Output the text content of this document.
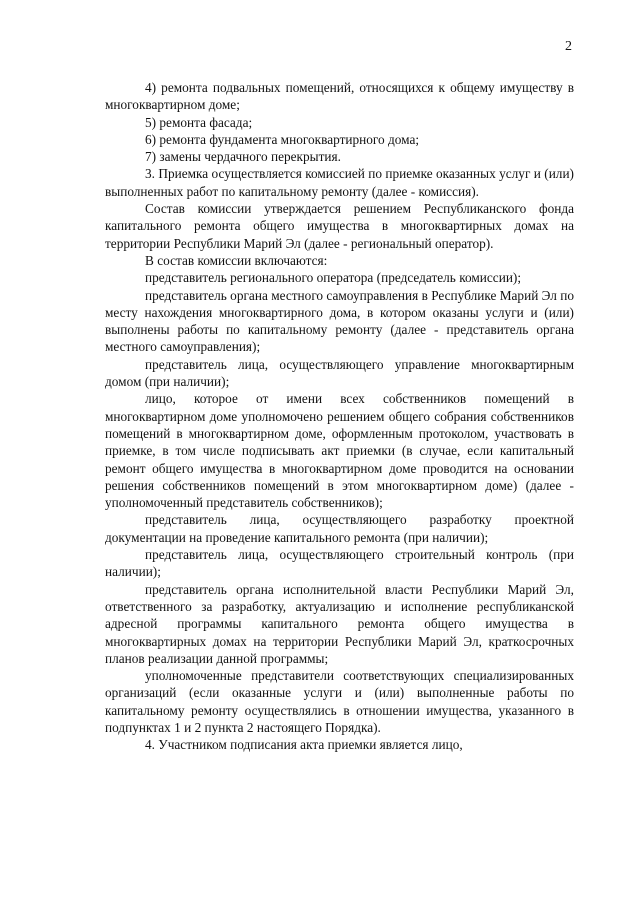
2

4) ремонта подвальных помещений, относящихся к общему имуществу в многоквартирном доме;

5) ремонта фасада;

6) ремонта фундамента многоквартирного дома;

7) замены чердачного перекрытия.

3. Приемка осуществляется комиссией по приемке оказанных услуг и (или) выполненных работ по капитальному ремонту (далее - комиссия).

Состав комиссии утверждается решением Республиканского фонда капитального ремонта общего имущества в многоквартирных домах на территории Республики Марий Эл (далее - региональный оператор).

В состав комиссии включаются:

представитель регионального оператора (председатель комиссии);

представитель органа местного самоуправления в Республике Марий Эл по месту нахождения многоквартирного дома, в котором оказаны услуги и (или) выполнены работы по капитальному ремонту (далее - представитель органа местного самоуправления);

представитель лица, осуществляющего управление многоквартирным домом (при наличии);

лицо, которое от имени всех собственников помещений в многоквартирном доме уполномочено решением общего собрания собственников помещений в многоквартирном доме, оформленным протоколом, участвовать в приемке, в том числе подписывать акт приемки (в случае, если капитальный ремонт общего имущества в многоквартирном доме проводится на основании решения собственников помещений в этом многоквартирном доме) (далее - уполномоченный представитель собственников);

представитель лица, осуществляющего разработку проектной документации на проведение капитального ремонта (при наличии);

представитель лица, осуществляющего строительный контроль (при наличии);

представитель органа исполнительной власти Республики Марий Эл, ответственного за разработку, актуализацию и исполнение республиканской адресной программы капитального ремонта общего имущества в многоквартирных домах на территории Республики Марий Эл, краткосрочных планов реализации данной программы;

уполномоченные представители соответствующих специализированных организаций (если оказанные услуги и (или) выполненные работы по капитальному ремонту осуществлялись в отношении имущества, указанного в подпунктах 1 и 2 пункта 2 настоящего Порядка).

4. Участником подписания акта приемки является лицо,
